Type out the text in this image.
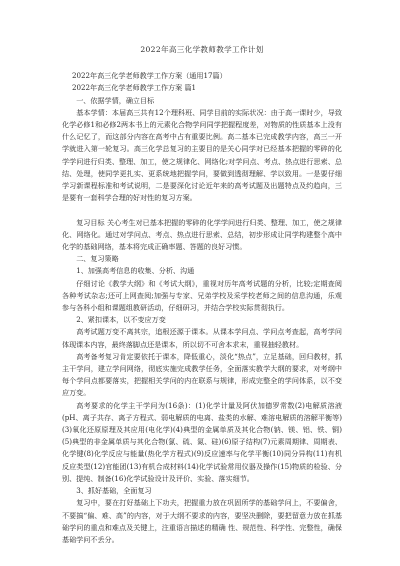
2022年高三化学教师教学工作计划
2022年高三化学老师教学工作方案（通用17篇）
2022年高三化学老师教学工作方案 篇1
一、依据学情，确立目标
基本学情：本届高三共有12个理科班、同学目前的实际状况：由于高一课时少，导致化学必修1和必修2两本书上的元素化合物学问同学把握程度差，对物质的性质基本上没有什么记忆了，而这部分内容在高考中占有重要比例。高二基本已完成教学内容，高三一开学就进入第一轮复习。高三化学总复习的主要目的是关心同学对已经基本把握的零碎的化学学问进行归类、整理、加工，使之规律化、网络化;对学问点、考点、热点进行思索、总结、处理，使同学更扎实、更系统地把握学问，要做到透彻理解、学以致用。一是要仔细学习新课程标准和考试说明，二是要深化讨论近年来的高考试题及出题特点及约趋向，三是要有一套科学合理的好对性的复习方案。
复习目标 关心考生对已基本把握的零碎的化学学问进行归类、整理、加工，使之规律化、网络化。通过对学问点、考点、热点进行思索、总结，初步形成让同学构建整个高中化学的基础网络，基本将完成正确率题、答题的良好习惯。
二、复习策略
1、加强高考信息的收集、分析、沟通
仔细讨论《教学大纲》和《考试大纲》，重视对历年高考试题的分析，比较;定期查阅各种考试杂志;还可上网查阅;加强与专家、兄弟学校及采学校老师之间的信息沟通，乐观参与各科小组和课题组教研活动，仔细研习，并结合学校实际贯彻执行。
2、紧扣课本，以不变应万变
高考试题万变不离其宗，追根还源于课本。从课本学问点、学问点考查起，高考学问体现课本内容，最终落脚点还是课本，所以切不可舍本求末，重视抽轻教材。
高考备考复习肯定要依托于课本，降低重心，淡化“热点”，立足基础，回归教材，抓主干学问，建立学问网络，彻底实施完成教学任务，全面落实教学大纲的要求，对考纲中每个学问点都要落实，把握相关学问的内在联系与规律，形成完整全的学问体系，以不变应万变。
高考要求的化学主干学问为(16条)：(1)化学计量及阿伏加德罗常数(2)电解质溶液(pH、离子共存、离子方程式、弱电解质的电离、盐类的水解、难溶电解质的溶解平衡等)(3)氧化还原原理及其应用(电化学)(4)典型的金属单质及其化合物(钠、镁、铝、铁、铜)(5)典型的非金属单质与其化合物(氯、硫、氮、硅)(6)原子结构(7)元素周期律、周期表、化学键(8)化学反应与能量(热化学方程式)(9)反应速率与化学平衡(10)同分异构(11)有机反应类型(12)官能团(13)有机合成材料(14)化学试验常用仪器及操作(15)物质的检验、分别、提纯、制备(16)化学试验设计及评价、实验、落实细节。
3、抓好基础，全面复习
复习中，要在打好基础上下功夫，把握重力放在巩固所学的基础学问上，不要偏舍，不要搞“偏、难、高”的内容，对于大纲不要求的内容，要坚决删除，要把留意力放在抓基础学问的重点和难点及关键上，注重语言描述的精确 性、规范性、科学性、完整性，确保基础学问不丢分。
